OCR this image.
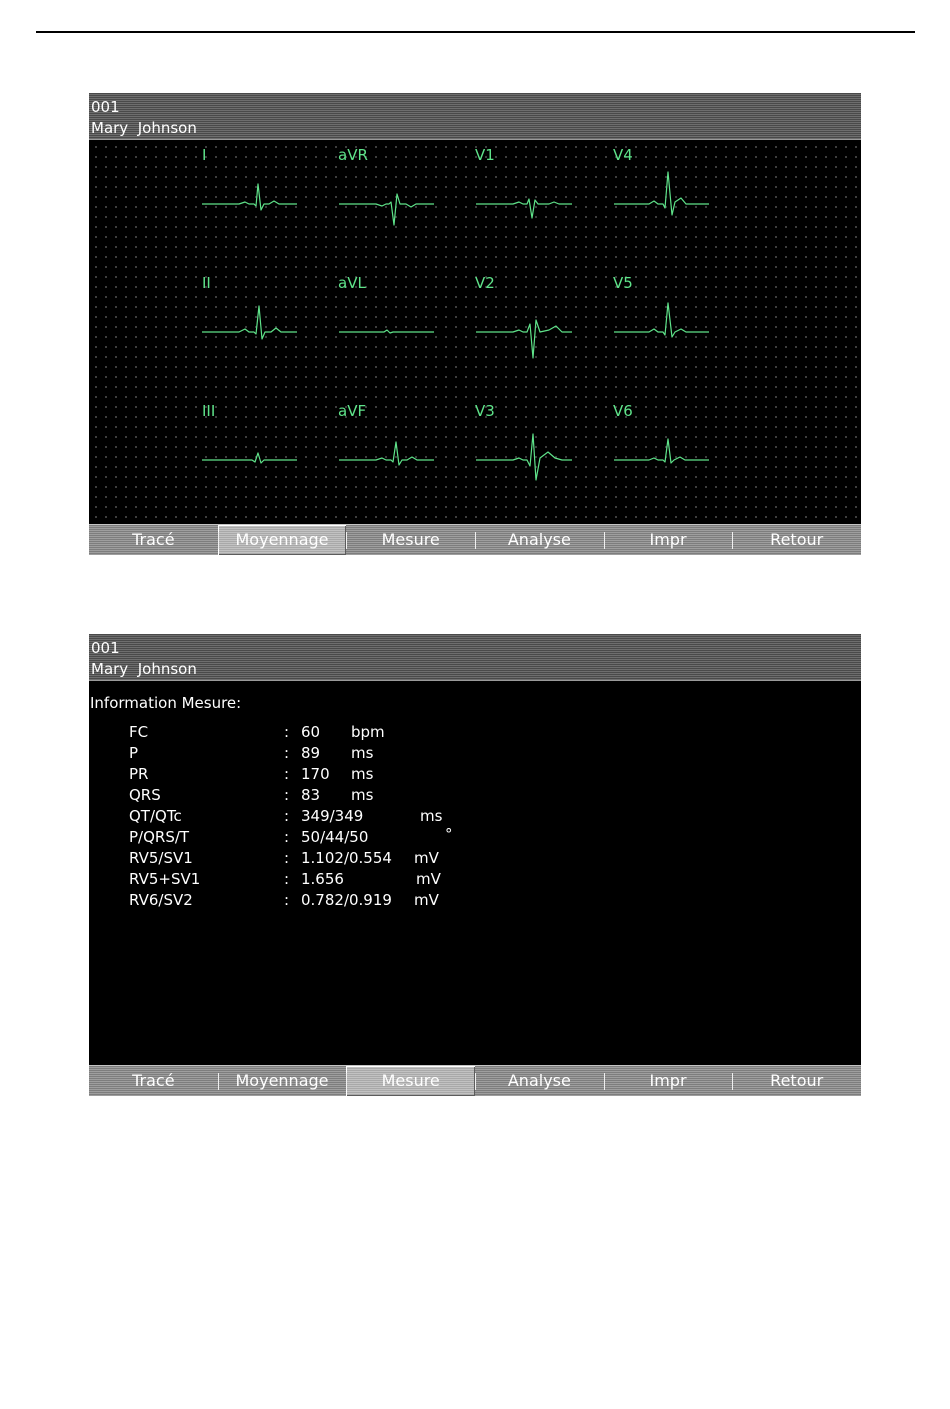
001
Mary  Johnson
I	aVR	V1	V4
II	aVL	V2	V5
III	aVF	V3	V6
Tracé	Moyennage	Mesure	Analyse	Impr	Retour
001
Mary  Johnson
Information Mesure:
FC	: 60 bpm
P	: 89 ms
PR	: 170 ms
QRS	: 83 ms
QT/QTc	: 349/349	ms
P/QRS/T	: 50/44/50	°
RV5/SV1	: 1.102/0.554 mV
RV5+SV1	: 1.656	mV
RV6/SV2	: 0.782/0.919 mV
Tracé	Moyennage	Mesure	Analyse	Impr	Retour
